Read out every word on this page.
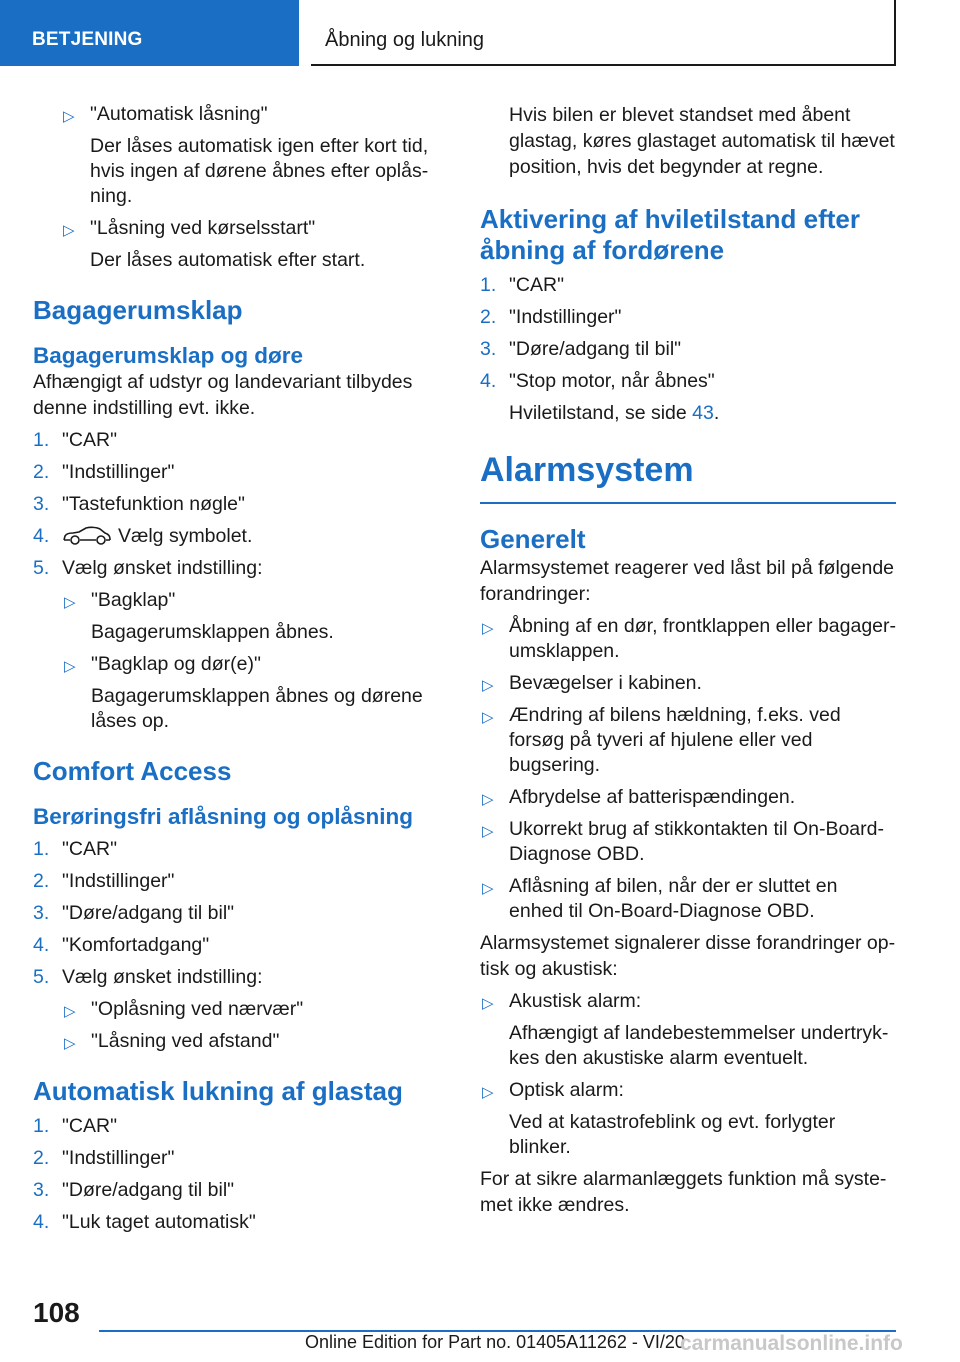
BETJENING	Åbning og lukning
▷ "Automatisk låsning"
Der låses automatisk igen efter kort tid, hvis ingen af dørene åbnes efter oplåsning.
▷ "Låsning ved kørselsstart"
Der låses automatisk efter start.
Bagagerumsklap
Bagagerumsklap og døre

Afhængigt af udstyr og landevariant tilbydes denne indstilling evt. ikke.

1. "CAR"
2. "Indstillinger"
3. "Tastefunktion nøgle"
4.	Vælg symbolet.
5. Vælg ønsket indstilling:
▷ "Bagklap"
Bagagerumsklappen åbnes.
▷ "Bagklap og dør(e)"
Bagagerumsklappen åbnes og dørene låses op.
Comfort Access
Berøringsfri aflåsning og oplåsning
1. "CAR"
2. "Indstillinger"
3. "Døre/adgang til bil"
4. "Komfortadgang"
5. Vælg ønsket indstilling:
▷ "Oplåsning ved nærvær"
▷ "Låsning ved afstand"
Automatisk lukning af glastag
1. "CAR"
2. "Indstillinger"
3. "Døre/adgang til bil"
4. "Luk taget automatisk"

Hvis bilen er blevet standset med åbent glastag, køres glastaget automatisk til hævet position, hvis det begynder at regne.

Aktivering af hviletilstand efter åbning af fordørene
1. "CAR"
2. "Indstillinger"
3. "Døre/adgang til bil"
4. "Stop motor, når åbnes"
Hviletilstand, se side 43.
Alarmsystem
Generelt

Alarmsystemet reagerer ved låst bil på følgende forandringer:

▷ Åbning af en dør, frontklappen eller bagagerumsklappen.
▷ Bevægelser i kabinen.
▷ Ændring af bilens hældning, f.eks. ved forsøg på tyveri af hjulene eller ved bugsering.
▷ Afbrydelse af batterispændingen.
▷ Ukorrekt brug af stikkontakten til On-Board-Diagnose OBD.
▷ Aflåsning af bilen, når der er sluttet en enhed til On-Board-Diagnose OBD.

Alarmsystemet signalerer disse forandringer optisk og akustisk:

▷ Akustisk alarm:
Afhængigt af landebestemmelser undertrykkes den akustiske alarm eventuelt.
▷ Optisk alarm:
Ved at katastrofeblink og evt. forlygter blinker.

For at sikre alarmanlæggets funktion må systemet ikke ændres.

108
Online Edition for Part no. 01405A11262 - VI/20
carmanualsonline.info
